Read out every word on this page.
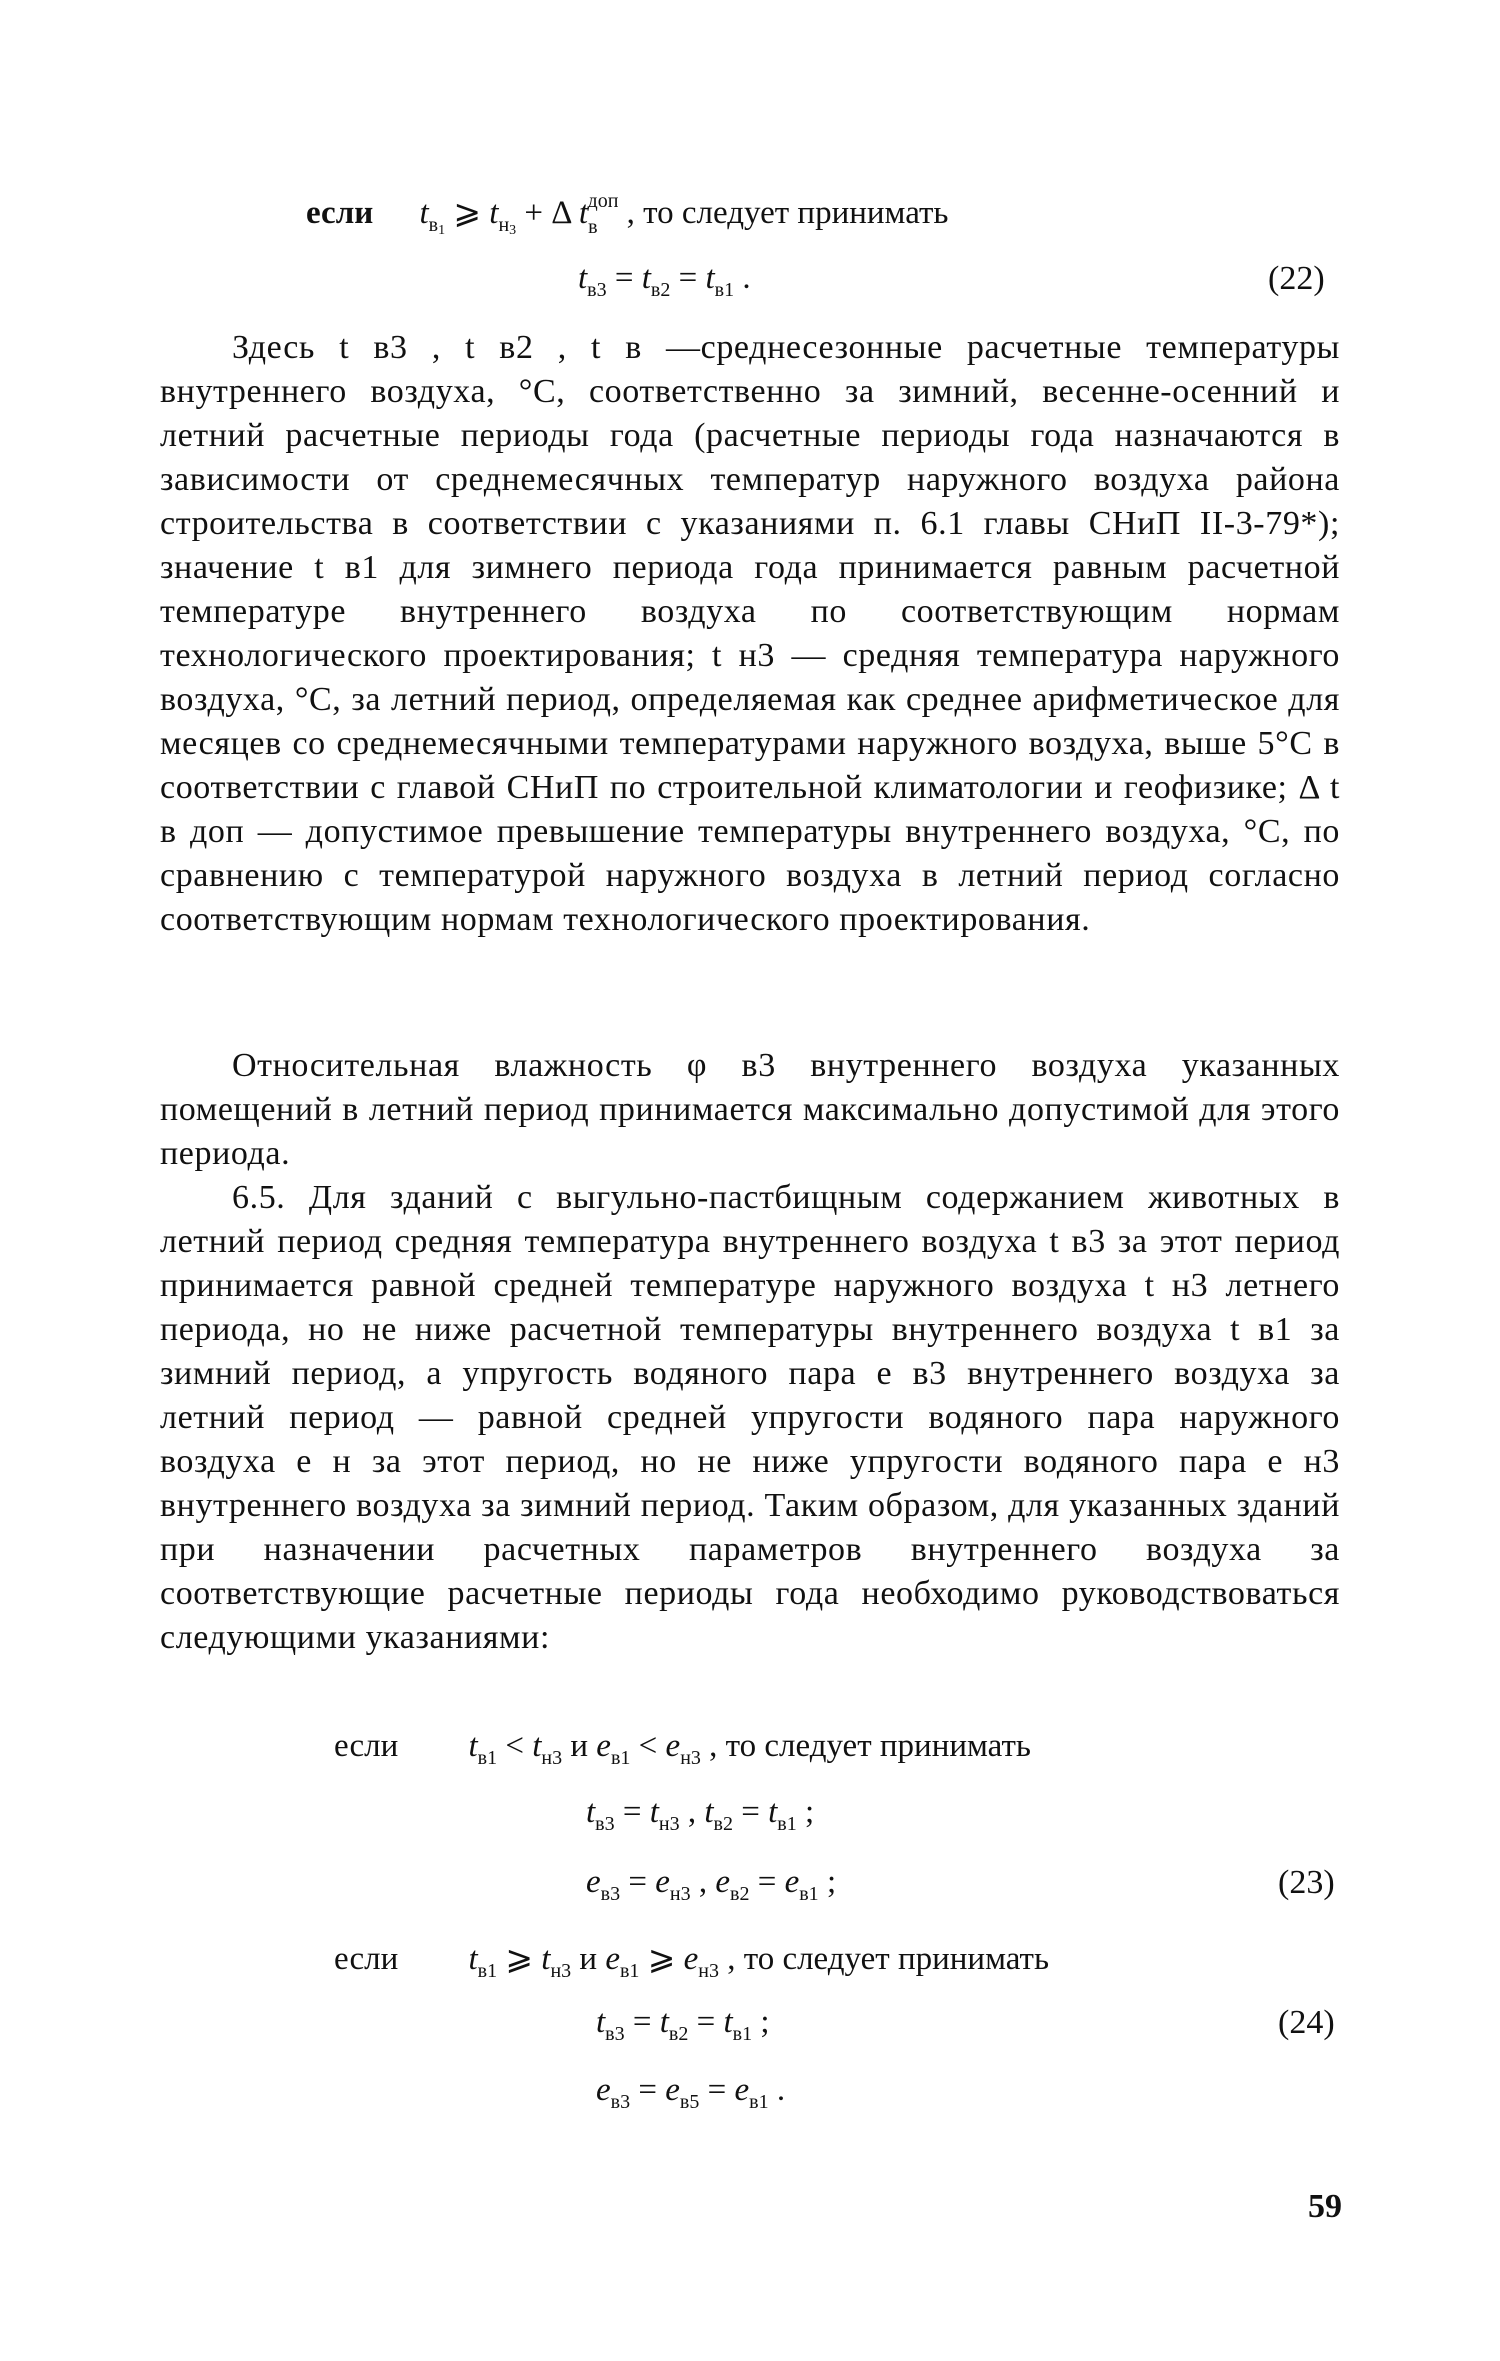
если $t_{в_1}$ ⩾ $t_{н_3} + \Delta$ $t_в^{доп}$ , то следует принимать
$t_{в3} = t_{в2} = t_{в1}$ .	(22)

Здесь t в3 , t в2 , t в —среднесезонные расчетные температуры внутреннего воздуха, °С, соответственно за зимний, весенне-осенний и летний расчетные периоды года (расчетные периоды года назначаются в зависимости от среднемесячных температур наружного воздуха района строительства в соответствии с указаниями п. 6.1 главы СНиП II-3-79*); значение t в1 для зимнего периода года принимается равным расчетной температуре внутреннего воздуха по соответствующим нормам технологического проектирования; t н3 — средняя температура наружного воздуха, °С, за летний период, определяемая как среднее арифметическое для месяцев со среднемесячными температурами наружного воздуха, выше 5°С в соответствии с главой СНиП по строительной климатологии и геофизике; Δ t в доп — допустимое превышение температуры внутреннего воздуха, °С, по сравнению с температурой наружного воздуха в летний период согласно соответствующим нормам технологического проектирования.

Относительная влажность φ в3 внутреннего воздуха указанных помещений в летний период принимается максимально допустимой для этого периода.

6.5. Для зданий с выгульно-пастбищным содержанием животных в летний период средняя температура внутреннего воздуха t в3 за этот период принимается равной средней температуре наружного воздуха t н3 летнего периода, но не ниже расчетной температуры внутреннего воздуха t в1 за зимний период, а упругость водяного пара e в3 внутреннего воздуха за летний период — равной средней упругости водяного пара наружного воздуха e н за этот период, но не ниже упругости водяного пара e н3 внутреннего воздуха за зимний период. Таким образом, для указанных зданий при назначении расчетных параметров внутреннего воздуха за соответствующие расчетные периоды года необходимо руководствоваться следующими указаниями:

если $t_{в1} < t_{н3}$ и $e_{в1} < e_{н3}$ , то следует принимать
$t_{в3} = t_{н3}$ , $t_{в2} = t_{в1}$ ;
$e_{в3} = e_{н3}$ , $e_{в2} = e_{в1}$ ;	(23)
если $t_{в1}$ ⩾ $t_{н3}$ и $e_{в1}$ ⩾ $e_{н3}$ , то следует принимать
$t_{в3} = t_{в2} = t_{в1}$ ;	(24)
$e_{в3} = e_{в5} = e_{в1}$ .
59
